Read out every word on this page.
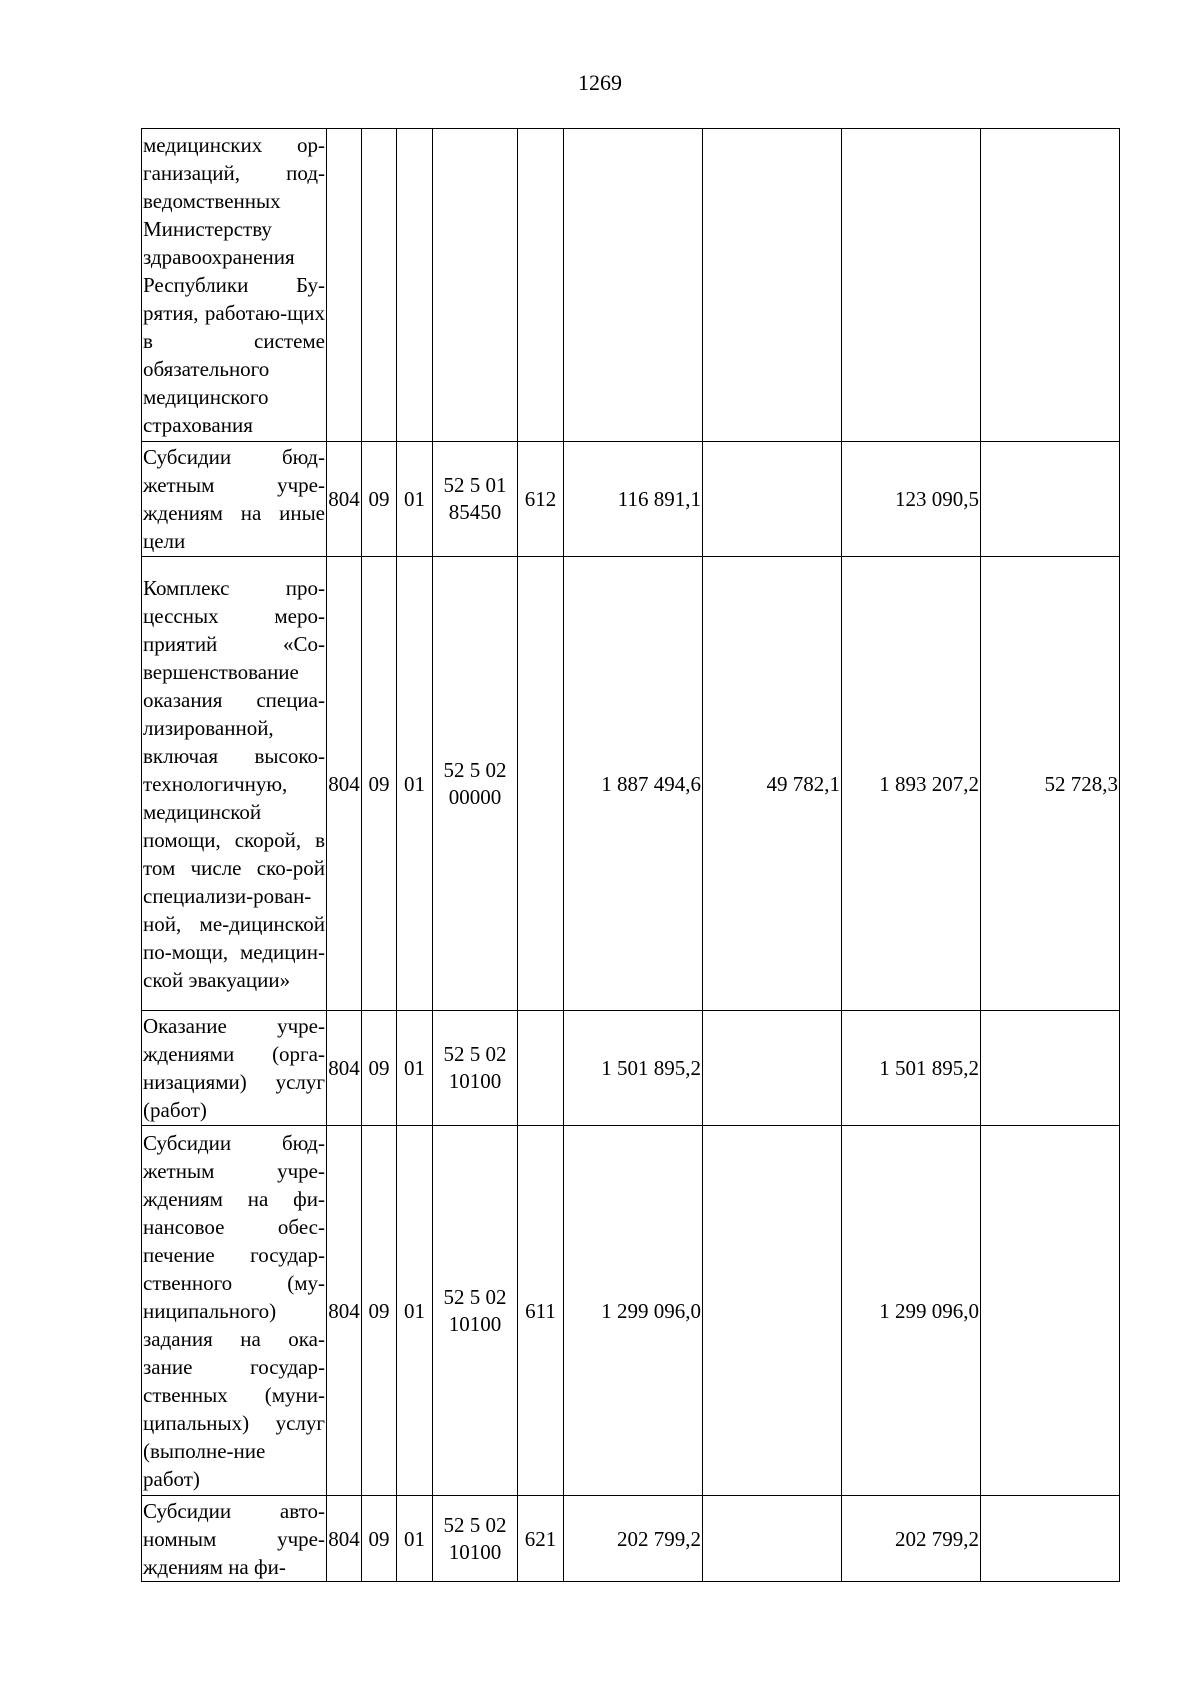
1269
медицинских ор-ганизаций, под-ведомственных Министерству здравоохранения Республики Бу-рятия, работаю-щих в системе обязательного медицинского страхования									
Субсидии бюд-жетным учре-ждениям на иные цели	804	09	01	52 5 01 85450	612	116 891,1		123 090,5	
Комплекс про-цессных меро-приятий «Со-вершенствование оказания специа-лизированной, включая высоко-технологичную, медицинской помощи, скорой, в том числе ско-рой специализи-рован-ной, ме-дицинской по-мощи, медицин-ской эвакуации»	804	09	01	52 5 02 00000		1 887 494,6	49 782,1	1 893 207,2	52 728,3
Оказание учре-ждениями (орга-низациями) услуг (работ)	804	09	01	52 5 02 10100		1 501 895,2		1 501 895,2	
Субсидии бюд-жетным учре-ждениям на фи-нансовое обес-печение государ-ственного (му-ниципального) задания на ока-зание государ-ственных (муни-ципальных) услуг (выполне-ние работ)	804	09	01	52 5 02 10100	611	1 299 096,0		1 299 096,0	
Субсидии авто-номным учре-ждениям на фи-	804	09	01	52 5 02 10100	621	202 799,2		202 799,2	
